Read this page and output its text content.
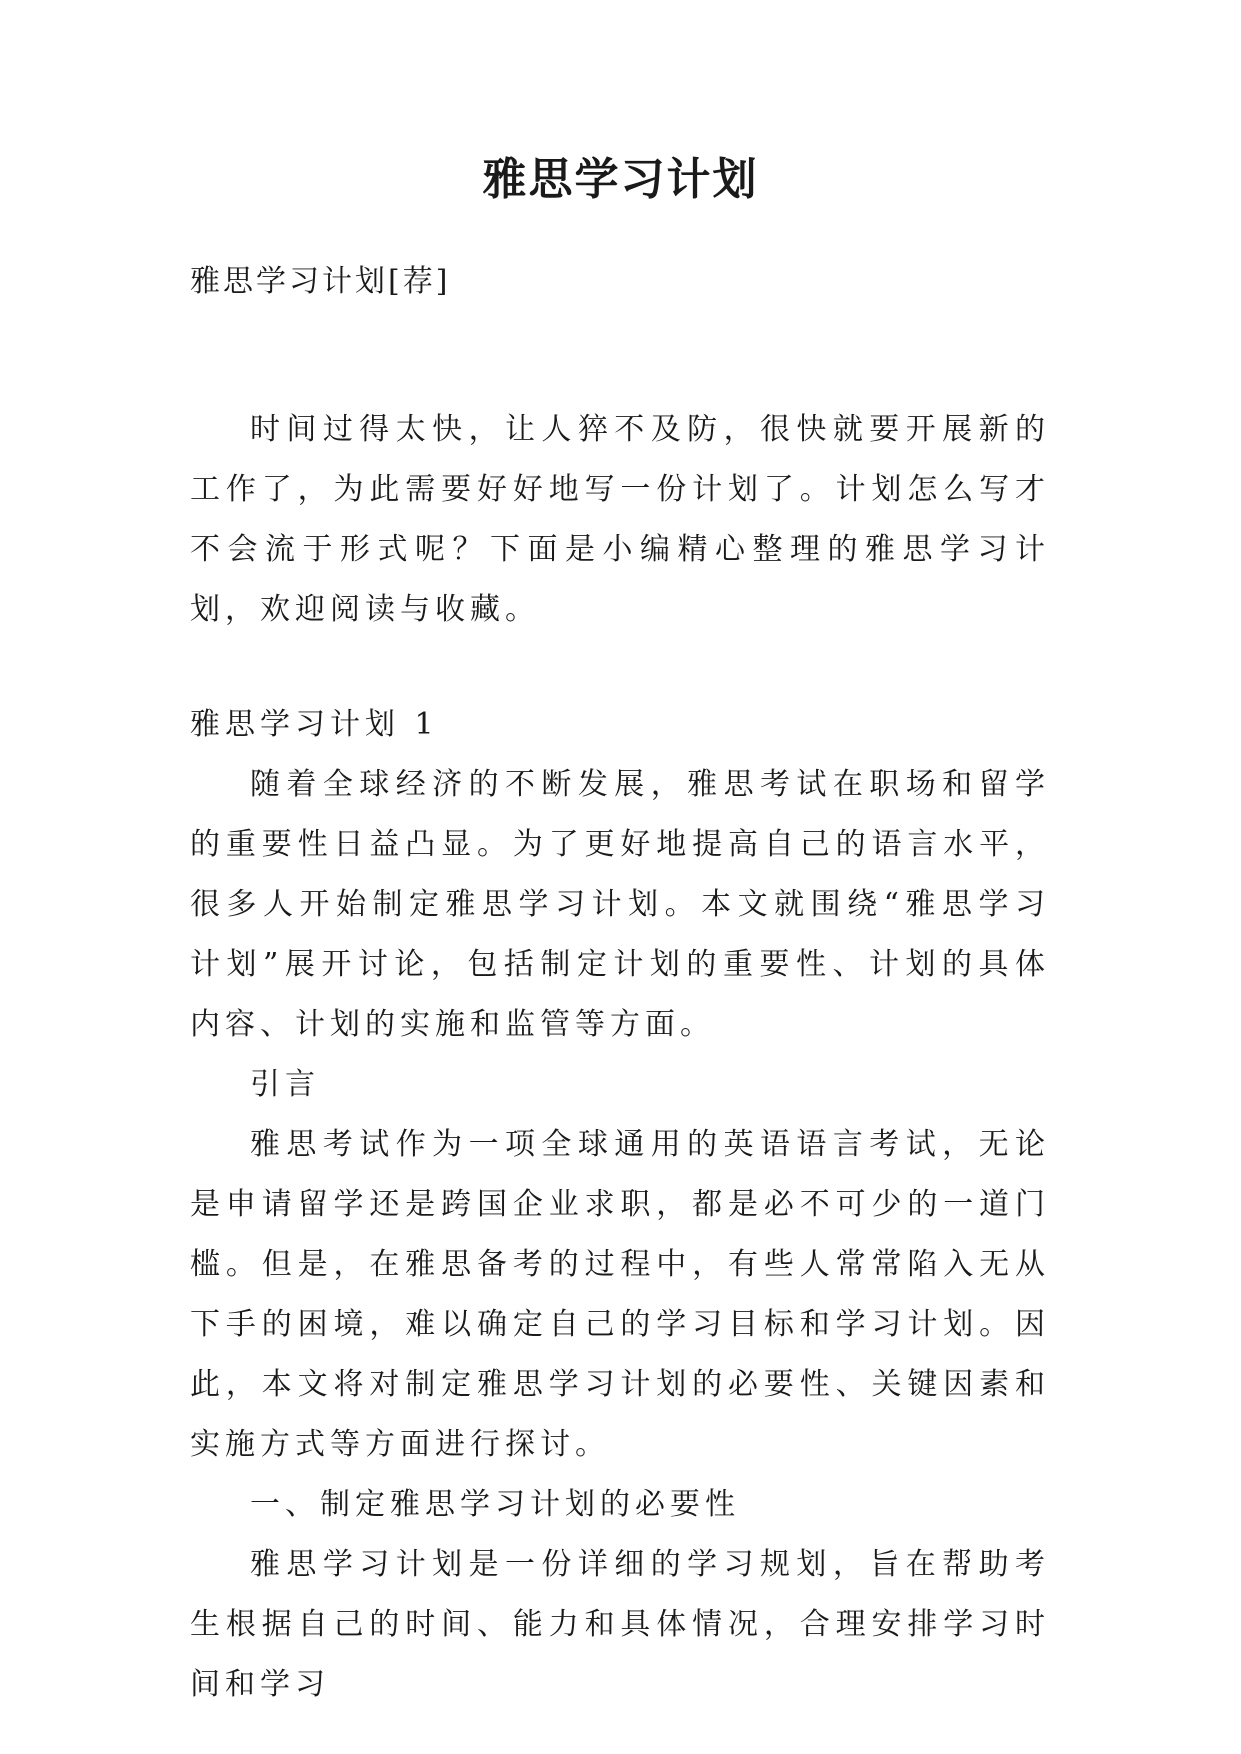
雅思学习计划
雅思学习计划[荐]

时间过得太快，让人猝不及防，很快就要开展新的工作了，为此需要好好地写一份计划了。计划怎么写才不会流于形式呢？下面是小编精心整理的雅思学习计划，欢迎阅读与收藏。

雅思学习计划 1

随着全球经济的不断发展，雅思考试在职场和留学的重要性日益凸显。为了更好地提高自己的语言水平，很多人开始制定雅思学习计划。本文就围绕“雅思学习计划”展开讨论，包括制定计划的重要性、计划的具体内容、计划的实施和监管等方面。

引言

雅思考试作为一项全球通用的英语语言考试，无论是申请留学还是跨国企业求职，都是必不可少的一道门槛。但是，在雅思备考的过程中，有些人常常陷入无从下手的困境，难以确定自己的学习目标和学习计划。因此，本文将对制定雅思学习计划的必要性、关键因素和实施方式等方面进行探讨。

一、制定雅思学习计划的必要性

雅思学习计划是一份详细的学习规划，旨在帮助考生根据自己的时间、能力和具体情况，合理安排学习时间和学习
